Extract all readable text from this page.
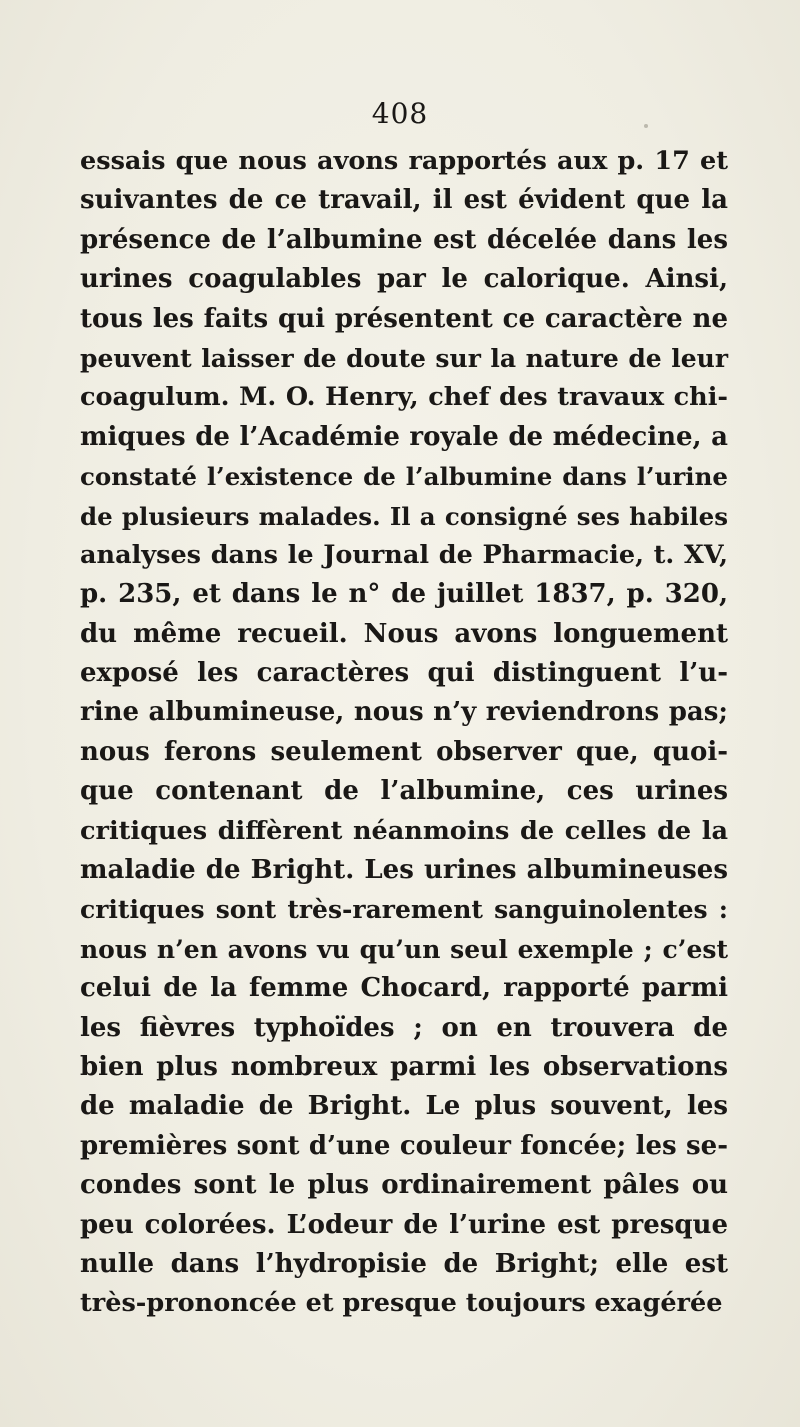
408
essais que nous avons rapportés aux p. 17 et
suivantes de ce travail, il est évident que la
présence de l’albumine est décelée dans les
urines coagulables par le calorique. Ainsi,
tous les faits qui présentent ce caractère ne
peuvent laisser de doute sur la nature de leur
coagulum. M. O. Henry, chef des travaux chi-
miques de l’Académie royale de médecine, a
constaté l’existence de l’albumine dans l’urine
de plusieurs malades. Il a consigné ses habiles
analyses dans le Journal de Pharmacie, t. XV,
p. 235, et dans le n° de juillet 1837, p. 320,
du même recueil. Nous avons longuement
exposé les caractères qui distinguent l’u-
rine albumineuse, nous n’y reviendrons pas;
nous ferons seulement observer que, quoi-
que contenant de l’albumine, ces urines
critiques diffèrent néanmoins de celles de la
maladie de Bright. Les urines albumineuses
critiques sont très-rarement sanguinolentes :
nous n’en avons vu qu’un seul exemple ; c’est
celui de la femme Chocard, rapporté parmi
les fièvres typhoïdes ; on en trouvera de
bien plus nombreux parmi les observations
de maladie de Bright. Le plus souvent, les
premières sont d’une couleur foncée; les se-
condes sont le plus ordinairement pâles ou
peu colorées. L’odeur de l’urine est presque
nulle dans l’hydropisie de Bright; elle est
très-prononcée et presque toujours exagérée
